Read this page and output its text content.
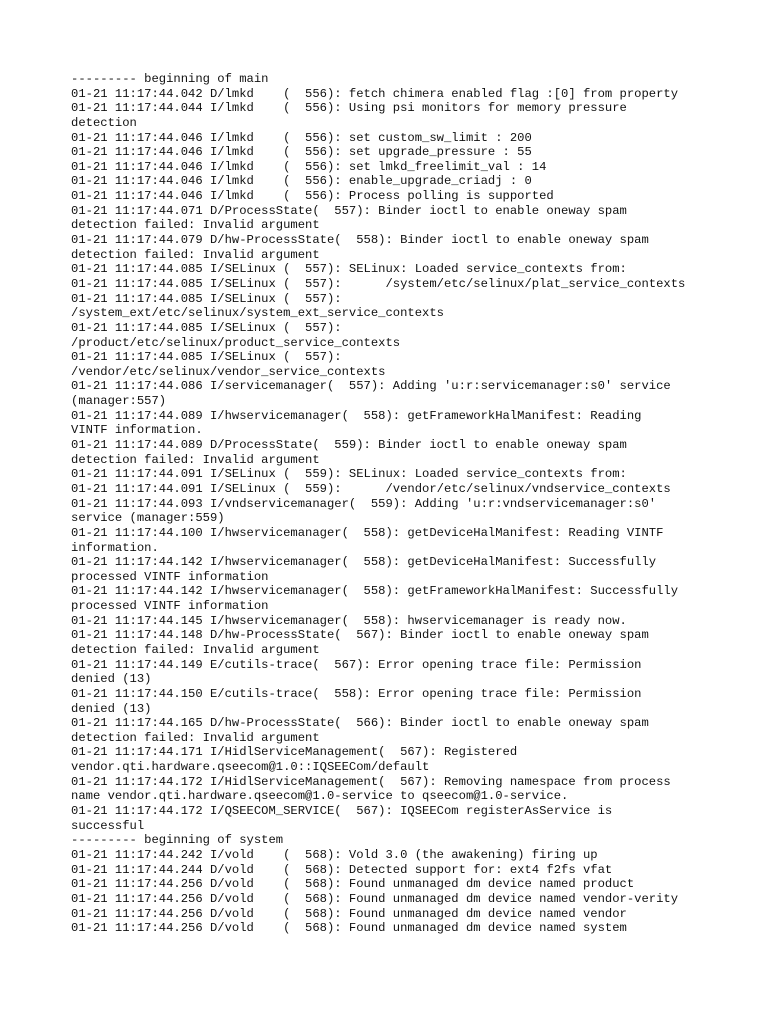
--------- beginning of main
01-21 11:17:44.042 D/lmkd    (  556): fetch chimera enabled flag :[0] from property
01-21 11:17:44.044 I/lmkd    (  556): Using psi monitors for memory pressure
detection
01-21 11:17:44.046 I/lmkd    (  556): set custom_sw_limit : 200
01-21 11:17:44.046 I/lmkd    (  556): set upgrade_pressure : 55
01-21 11:17:44.046 I/lmkd    (  556): set lmkd_freelimit_val : 14
01-21 11:17:44.046 I/lmkd    (  556): enable_upgrade_criadj : 0
01-21 11:17:44.046 I/lmkd    (  556): Process polling is supported
01-21 11:17:44.071 D/ProcessState(  557): Binder ioctl to enable oneway spam
detection failed: Invalid argument
01-21 11:17:44.079 D/hw-ProcessState(  558): Binder ioctl to enable oneway spam
detection failed: Invalid argument
01-21 11:17:44.085 I/SELinux (  557): SELinux: Loaded service_contexts from:
01-21 11:17:44.085 I/SELinux (  557):      /system/etc/selinux/plat_service_contexts
01-21 11:17:44.085 I/SELinux (  557):
/system_ext/etc/selinux/system_ext_service_contexts
01-21 11:17:44.085 I/SELinux (  557):
/product/etc/selinux/product_service_contexts
01-21 11:17:44.085 I/SELinux (  557):
/vendor/etc/selinux/vendor_service_contexts
01-21 11:17:44.086 I/servicemanager(  557): Adding 'u:r:servicemanager:s0' service
(manager:557)
01-21 11:17:44.089 I/hwservicemanager(  558): getFrameworkHalManifest: Reading
VINTF information.
01-21 11:17:44.089 D/ProcessState(  559): Binder ioctl to enable oneway spam
detection failed: Invalid argument
01-21 11:17:44.091 I/SELinux (  559): SELinux: Loaded service_contexts from:
01-21 11:17:44.091 I/SELinux (  559):      /vendor/etc/selinux/vndservice_contexts
01-21 11:17:44.093 I/vndservicemanager(  559): Adding 'u:r:vndservicemanager:s0'
service (manager:559)
01-21 11:17:44.100 I/hwservicemanager(  558): getDeviceHalManifest: Reading VINTF
information.
01-21 11:17:44.142 I/hwservicemanager(  558): getDeviceHalManifest: Successfully
processed VINTF information
01-21 11:17:44.142 I/hwservicemanager(  558): getFrameworkHalManifest: Successfully
processed VINTF information
01-21 11:17:44.145 I/hwservicemanager(  558): hwservicemanager is ready now.
01-21 11:17:44.148 D/hw-ProcessState(  567): Binder ioctl to enable oneway spam
detection failed: Invalid argument
01-21 11:17:44.149 E/cutils-trace(  567): Error opening trace file: Permission
denied (13)
01-21 11:17:44.150 E/cutils-trace(  558): Error opening trace file: Permission
denied (13)
01-21 11:17:44.165 D/hw-ProcessState(  566): Binder ioctl to enable oneway spam
detection failed: Invalid argument
01-21 11:17:44.171 I/HidlServiceManagement(  567): Registered
vendor.qti.hardware.qseecom@1.0::IQSEECom/default
01-21 11:17:44.172 I/HidlServiceManagement(  567): Removing namespace from process
name vendor.qti.hardware.qseecom@1.0-service to qseecom@1.0-service.
01-21 11:17:44.172 I/QSEECOM_SERVICE(  567): IQSEECom registerAsService is
successful
--------- beginning of system
01-21 11:17:44.242 I/vold    (  568): Vold 3.0 (the awakening) firing up
01-21 11:17:44.244 D/vold    (  568): Detected support for: ext4 f2fs vfat
01-21 11:17:44.256 D/vold    (  568): Found unmanaged dm device named product
01-21 11:17:44.256 D/vold    (  568): Found unmanaged dm device named vendor-verity
01-21 11:17:44.256 D/vold    (  568): Found unmanaged dm device named vendor
01-21 11:17:44.256 D/vold    (  568): Found unmanaged dm device named system
